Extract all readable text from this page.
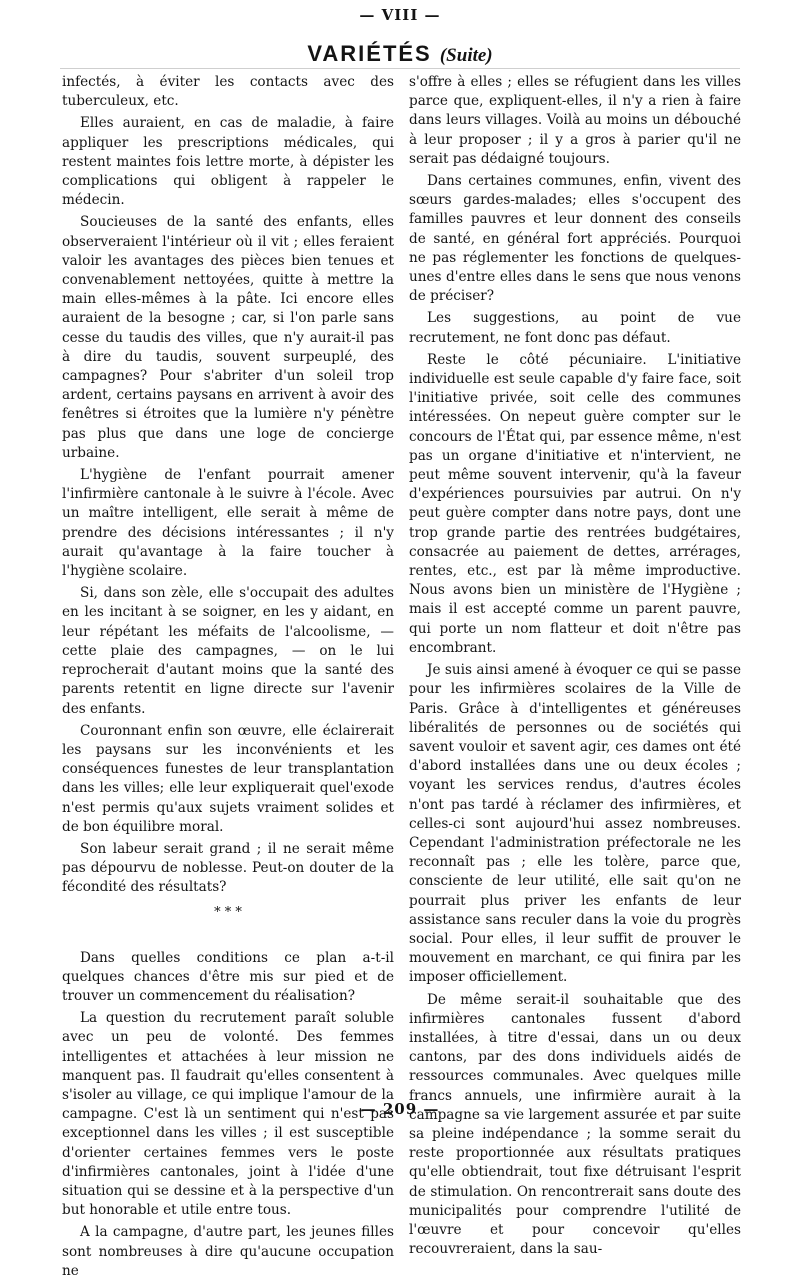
— VIII —
VARIÉTÉS (Suite)

infectés, à éviter les contacts avec des tuberculeux, etc.

Elles auraient, en cas de maladie, à faire appliquer les prescriptions médicales, qui restent maintes fois lettre morte, à dépister les complications qui obligent à rappeler le médecin.

Soucieuses de la santé des enfants, elles observeraient l'intérieur où il vit ; elles feraient valoir les avantages des pièces bien tenues et convenablement nettoyées, quitte à mettre la main elles-mêmes à la pâte. Ici encore elles auraient de la besogne ; car, si l'on parle sans cesse du taudis des villes, que n'y aurait-il pas à dire du taudis, souvent surpeuplé, des campagnes? Pour s'abriter d'un soleil trop ardent, certains paysans en arrivent à avoir des fenêtres si étroites que la lumière n'y pénètre pas plus que dans une loge de concierge urbaine.

L'hygiène de l'enfant pourrait amener l'infirmière cantonale à le suivre à l'école. Avec un maître intelligent, elle serait à même de prendre des décisions intéressantes ; il n'y aurait qu'avantage à la faire toucher à l'hygiène scolaire.

Si, dans son zèle, elle s'occupait des adultes en les incitant à se soigner, en les y aidant, en leur répétant les méfaits de l'alcoolisme, — cette plaie des campagnes, — on le lui reprocherait d'autant moins que la santé des parents retentit en ligne directe sur l'avenir des enfants.

Couronnant enfin son œuvre, elle éclairerait les paysans sur les inconvénients et les conséquences funestes de leur transplantation dans les villes; elle leur expliquerait quel'exode n'est permis qu'aux sujets vraiment solides et de bon équilibre moral.

Son labeur serait grand ; il ne serait même pas dépourvu de noblesse. Peut-on douter de la fécondité des résultats?

* * *

Dans quelles conditions ce plan a-t-il quelques chances d'être mis sur pied et de trouver un commencement du réalisation?

La question du recrutement paraît soluble avec un peu de volonté. Des femmes intelligentes et attachées à leur mission ne manquent pas. Il faudrait qu'elles consentent à s'isoler au village, ce qui implique l'amour de la campagne. C'est là un sentiment qui n'est pas exceptionnel dans les villes ; il est susceptible d'orienter certaines femmes vers le poste d'infirmières cantonales, joint à l'idée d'une situation qui se dessine et à la perspective d'un but honorable et utile entre tous.

A la campagne, d'autre part, les jeunes filles sont nombreuses à dire qu'aucune occupation ne

s'offre à elles ; elles se réfugient dans les villes parce que, expliquent-elles, il n'y a rien à faire dans leurs villages. Voilà au moins un débouché à leur proposer ; il y a gros à parier qu'il ne serait pas dédaigné toujours.

Dans certaines communes, enfin, vivent des sœurs gardes-malades; elles s'occupent des familles pauvres et leur donnent des conseils de santé, en général fort appréciés. Pourquoi ne pas réglementer les fonctions de quelques-unes d'entre elles dans le sens que nous venons de préciser?

Les suggestions, au point de vue recrutement, ne font donc pas défaut.

Reste le côté pécuniaire. L'initiative individuelle est seule capable d'y faire face, soit l'initiative privée, soit celle des communes intéressées. On nepeut guère compter sur le concours de l'État qui, par essence même, n'est pas un organe d'initiative et n'intervient, ne peut même souvent intervenir, qu'à la faveur d'expériences poursuivies par autrui. On n'y peut guère compter dans notre pays, dont une trop grande partie des rentrées budgétaires, consacrée au paiement de dettes, arrérages, rentes, etc., est par là même improductive. Nous avons bien un ministère de l'Hygiène ; mais il est accepté comme un parent pauvre, qui porte un nom flatteur et doit n'être pas encombrant.

Je suis ainsi amené à évoquer ce qui se passe pour les infirmières scolaires de la Ville de Paris. Grâce à d'intelligentes et généreuses libéralités de personnes ou de sociétés qui savent vouloir et savent agir, ces dames ont été d'abord installées dans une ou deux écoles ; voyant les services rendus, d'autres écoles n'ont pas tardé à réclamer des infirmières, et celles-ci sont aujourd'hui assez nombreuses. Cependant l'administration préfectorale ne les reconnaît pas ; elle les tolère, parce que, consciente de leur utilité, elle sait qu'on ne pourrait plus priver les enfants de leur assistance sans reculer dans la voie du progrès social. Pour elles, il leur suffit de prouver le mouvement en marchant, ce qui finira par les imposer officiellement.

De même serait-il souhaitable que des infirmières cantonales fussent d'abord installées, à titre d'essai, dans un ou deux cantons, par des dons individuels aidés de ressources communales. Avec quelques mille francs annuels, une infirmière aurait à la campagne sa vie largement assurée et par suite sa pleine indépendance ; la somme serait du reste proportionnée aux résultats pratiques qu'elle obtiendrait, tout fixe détruisant l'esprit de stimulation. On rencontrerait sans doute des municipalités pour comprendre l'utilité de l'œuvre et pour concevoir qu'elles recouvreraient, dans la sau-

— 209 —
